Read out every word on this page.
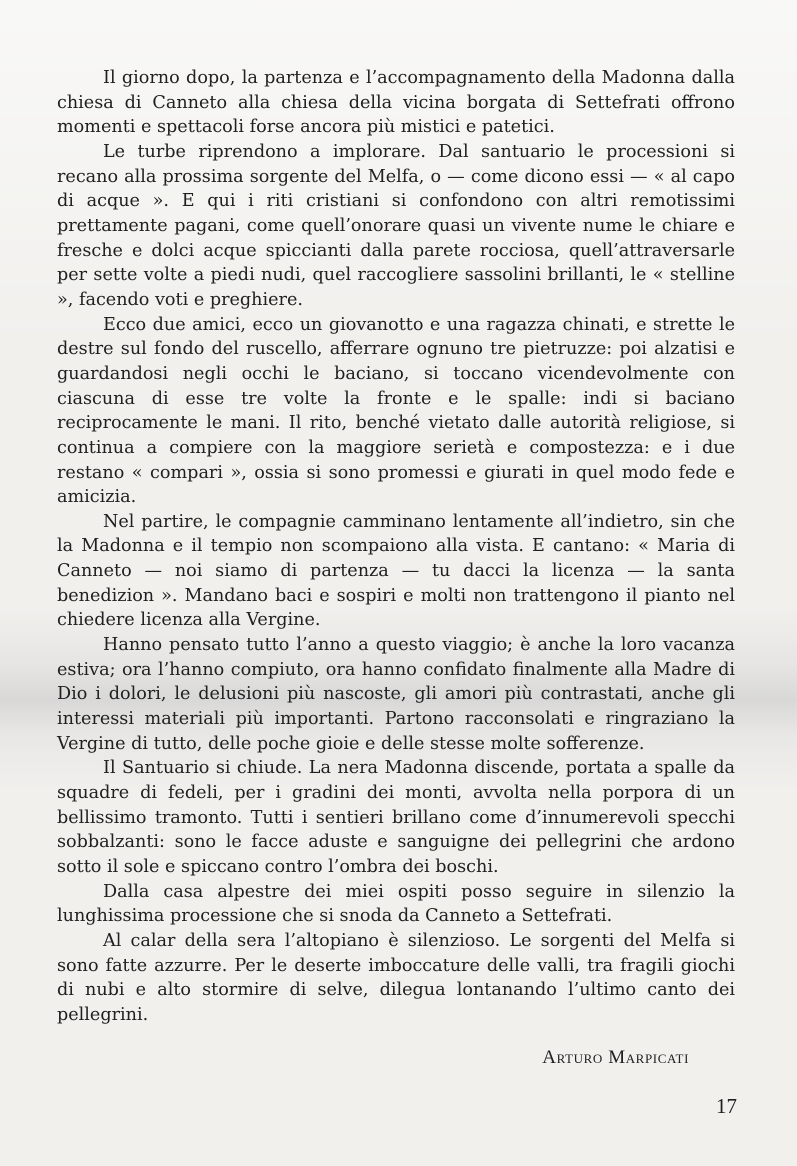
Il giorno dopo, la partenza e l’accompagnamento della Madonna dalla chiesa di Canneto alla chiesa della vicina borgata di Settefrati offrono momenti e spettacoli forse ancora più mistici e patetici.

Le turbe riprendono a implorare. Dal santuario le processioni si recano alla prossima sorgente del Melfa, o — come dicono essi — « al capo di acque ». E qui i riti cristiani si confondono con altri remotissimi prettamente pagani, come quell’onorare quasi un vivente nume le chiare e fresche e dolci acque spiccianti dalla parete rocciosa, quell’attraversarle per sette volte a piedi nudi, quel raccogliere sassolini brillanti, le « stelline », facendo voti e preghiere.

Ecco due amici, ecco un giovanotto e una ragazza chinati, e strette le destre sul fondo del ruscello, afferrare ognuno tre pietruzze: poi alzatisi e guardandosi negli occhi le baciano, si toccano vicendevolmente con ciascuna di esse tre volte la fronte e le spalle: indi si baciano reciprocamente le mani. Il rito, benché vietato dalle autorità religiose, si continua a compiere con la maggiore serietà e compostezza: e i due restano « compari », ossia si sono promessi e giurati in quel modo fede e amicizia.

Nel partire, le compagnie camminano lentamente all’indietro, sin che la Madonna e il tempio non scompaiono alla vista. E cantano: « Maria di Canneto — noi siamo di partenza — tu dacci la licenza — la santa benedizion ». Mandano baci e sospiri e molti non trattengono il pianto nel chiedere licenza alla Vergine.

Hanno pensato tutto l’anno a questo viaggio; è anche la loro vacanza estiva; ora l’hanno compiuto, ora hanno confidato finalmente alla Madre di Dio i dolori, le delusioni più nascoste, gli amori più contrastati, anche gli interessi materiali più importanti. Partono racconsolati e ringraziano la Vergine di tutto, delle poche gioie e delle stesse molte sofferenze.

Il Santuario si chiude. La nera Madonna discende, portata a spalle da squadre di fedeli, per i gradini dei monti, avvolta nella porpora di un bellissimo tramonto. Tutti i sentieri brillano come d’innumerevoli specchi sobbalzanti: sono le facce aduste e sanguigne dei pellegrini che ardono sotto il sole e spiccano contro l’ombra dei boschi.

Dalla casa alpestre dei miei ospiti posso seguire in silenzio la lunghissima processione che si snoda da Canneto a Settefrati.

Al calar della sera l’altopiano è silenzioso. Le sorgenti del Melfa si sono fatte azzurre. Per le deserte imboccature delle valli, tra fragili giochi di nubi e alto stormire di selve, dilegua lontanando l’ultimo canto dei pellegrini.

Arturo Marpicati
17
